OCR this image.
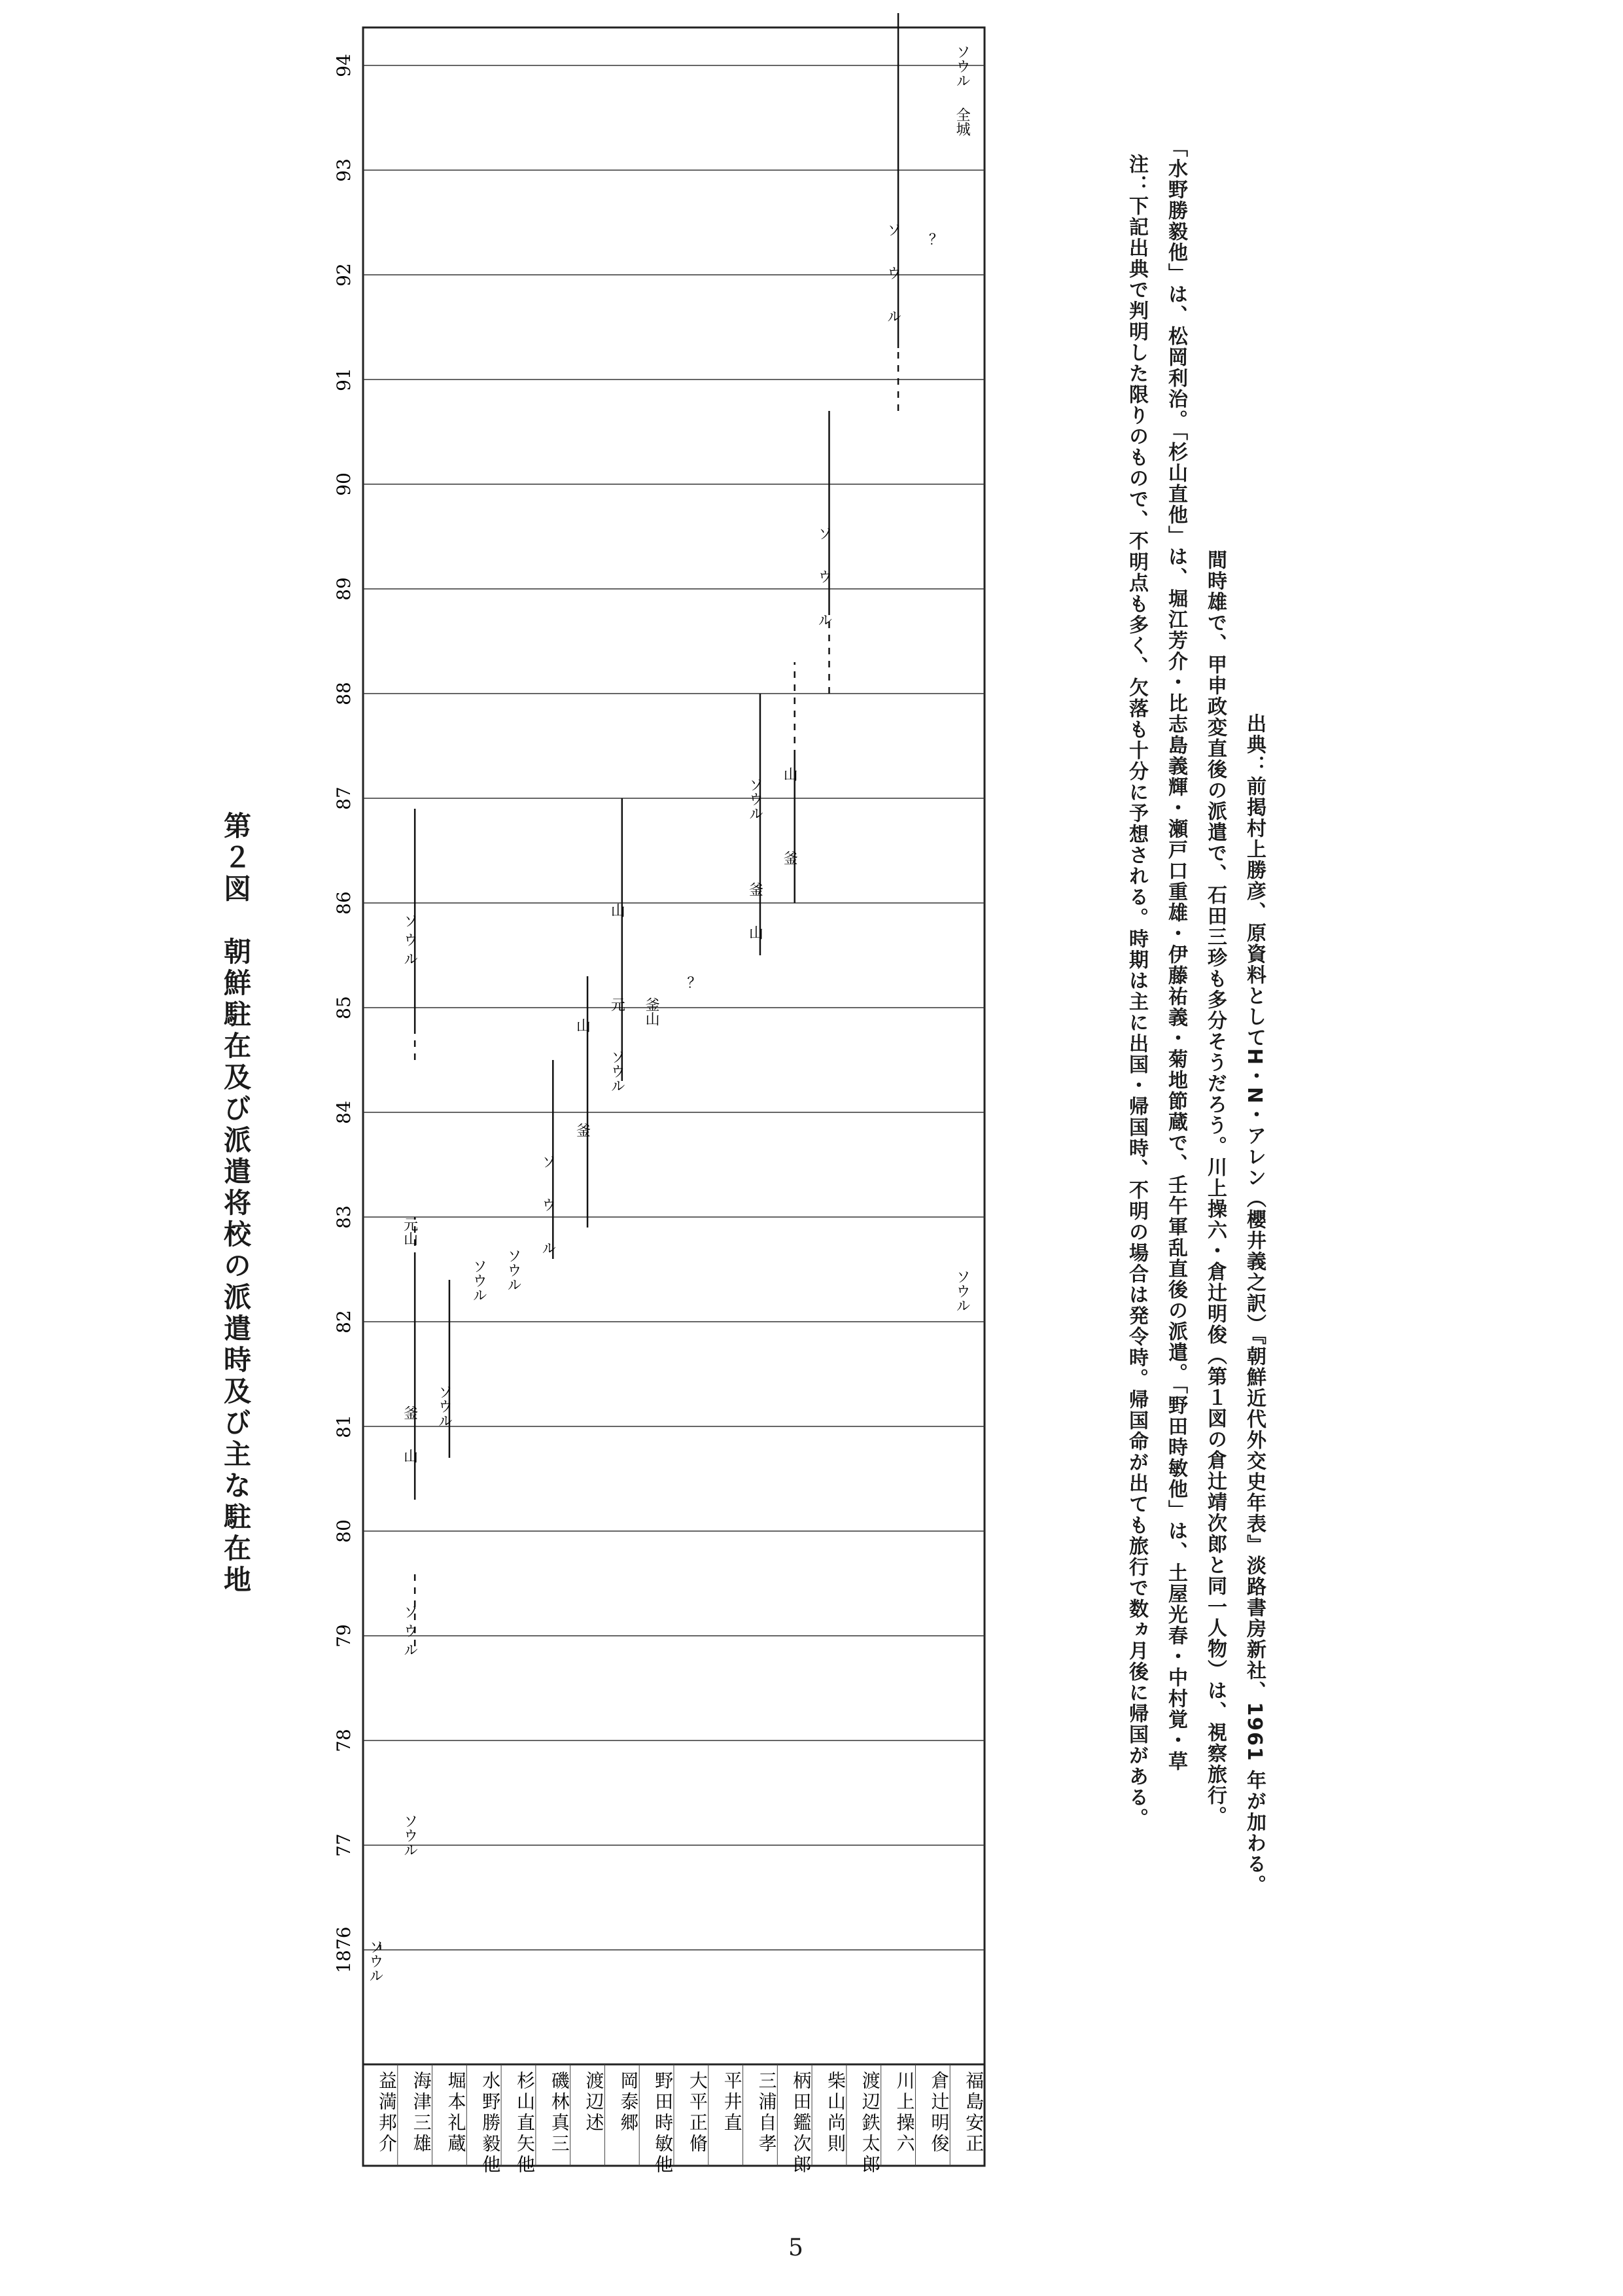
第２図　朝鮮駐在及び派遣将校の派遣時及び主な駐在地
1876
77
78
79
80
81
82
83
84
85
86
87
88
89
90
91
92
93
94
益満邦介
ソウル
海津三雄
ソウル
ソ ウ ル
釜　　山
元山
ソ ウ ル
堀本礼蔵
ソウル
水野勝毅他
ソウル
杉山直矢他
ソウル
磯林真三
ソ　　ウ　　ル
渡辺述
釜
山
岡泰郷
ソウル
元
山
野田時敏他
釜山
大平正脩
？
平井直 三浦自孝
釜　　山
ソウル
柄田鑑次郎
釜
山
柴山尚則
ソ　　ウ　　ル
渡辺鉄太郎 川上操六
ソ　　ウ　　ル
倉辻明俊
？
福島安正
全城
ソウル
ソウル	注：下記出典で判明した限りのもので、不明点も多く、欠落も十分に予想される。時期は主に出国・帰国時、不明の場合は発令時。帰国命が出ても旅行で数ヵ月後に帰国がある。 「水野勝毅他」は、松岡利治。「杉山直他」は、堀江芳介・比志島義輝・瀬戸口重雄・伊藤祐義・菊地節蔵で、壬午軍乱直後の派遣。「野田時敏他」は、土屋光春・中村覚・草 間時雄で、甲申政変直後の派遣で、石田三珍も多分そうだろう。川上操六・倉辻明俊（第１図の倉辻靖次郎と同一人物）は、視察旅行。 出典：前掲村上勝彦、原資料としてH・N・アレン（櫻井義之訳）『朝鮮近代外交史年表』淡路書房新社、1961 年が加わる。
5
